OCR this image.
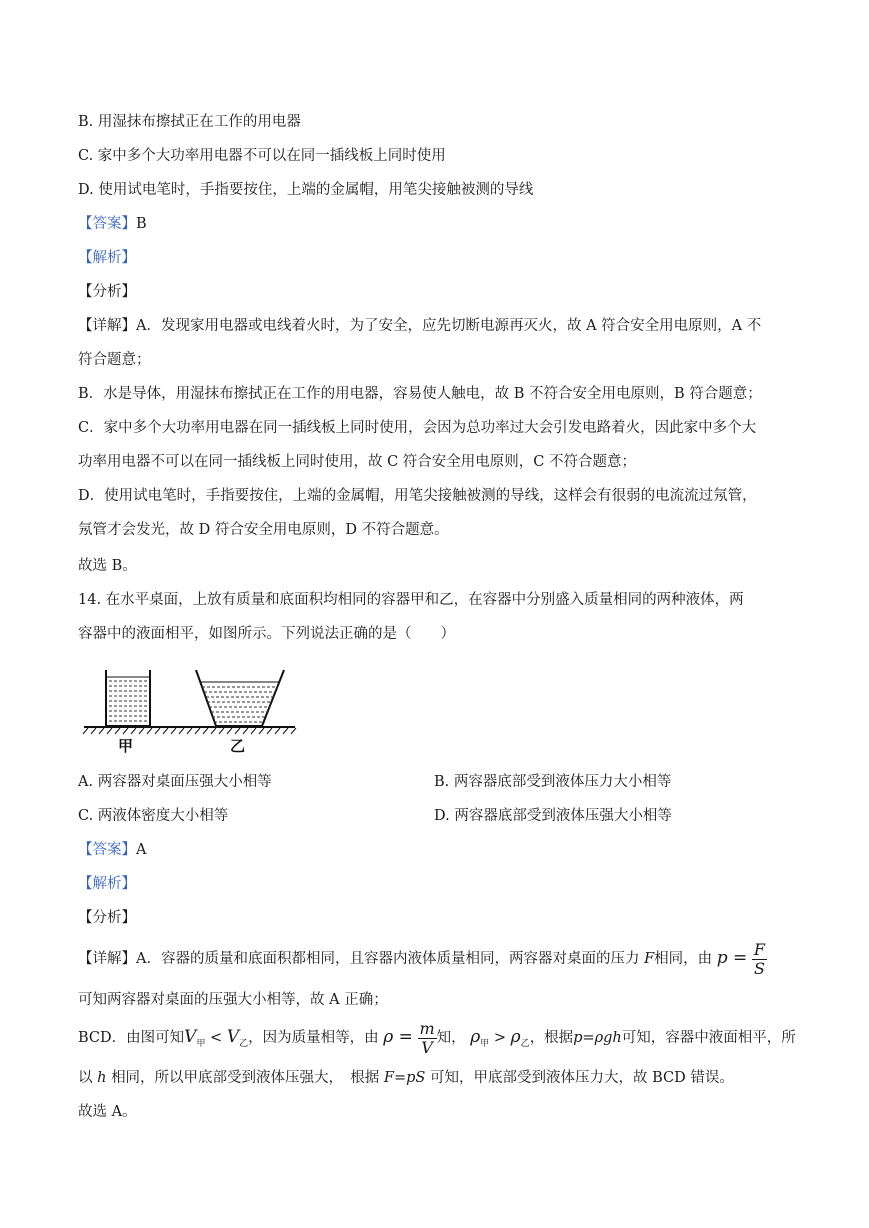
B. 用湿抹布擦拭正在工作的用电器
C. 家中多个大功率用电器不可以在同一插线板上同时使用
D. 使用试电笔时，手指要按住，上端的金属帽，用笔尖接触被测的导线
【答案】B
【解析】
【分析】
【详解】A．发现家用电器或电线着火时，为了安全，应先切断电源再灭火，故 A 符合安全用电原则，A 不
符合题意；
B．水是导体，用湿抹布擦拭正在工作的用电器，容易使人触电，故 B 不符合安全用电原则，B 符合题意；
C．家中多个大功率用电器在同一插线板上同时使用，会因为总功率过大会引发电路着火，因此家中多个大
功率用电器不可以在同一插线板上同时使用，故 C 符合安全用电原则，C 不符合题意；
D．使用试电笔时，手指要按住，上端的金属帽，用笔尖接触被测的导线，这样会有很弱的电流流过氖管，
氖管才会发光，故 D 符合安全用电原则，D 不符合题意。
故选 B。
14. 在水平桌面，上放有质量和底面积均相同的容器甲和乙，在容器中分别盛入质量相同的两种液体，两
容器中的液面相平，如图所示。下列说法正确的是（　　）
甲	乙
A. 两容器对桌面压强大小相等	B. 两容器底部受到液体压力大小相等
C. 两液体密度大小相等	D. 两容器底部受到液体压强大小相等
【答案】A
【解析】
【分析】
【详解】A．容器的质量和底面积都相同，且容器内液体质量相同，两容器对桌面的压力 F相同，由 $p = \frac{F}{S}$
可知两容器对桌面的压强大小相等，故 A 正确；
BCD．由图可知$V_甲 < V_乙$，因为质量相等，由 $\rho = \frac{m}{V}$ 知， $\rho_甲 > \rho_乙$，根据p=ρgh可知，容器中液面相平，所
以 h 相同，所以甲底部受到液体压强大，　根据 F=pS 可知，甲底部受到液体压力大，故 BCD 错误。
故选 A。
